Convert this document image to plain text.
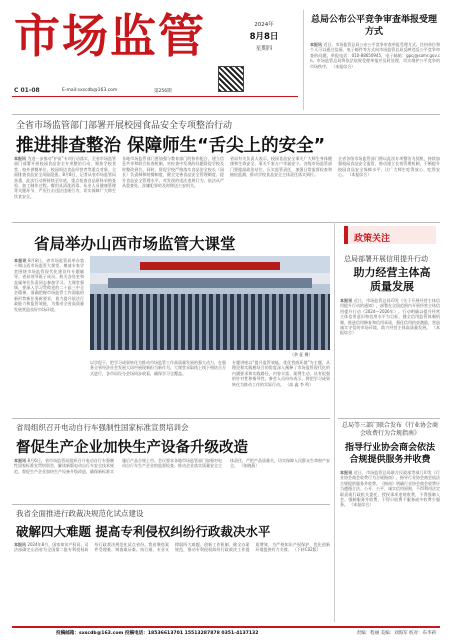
市场监管	2024年
8月8日
星期四
C 01-08	E-mail:sxscdb@163.com	第256期
总局公布公平竞争审查举报受理方式
本报讯 近日，市场监管总局公布公平竞争审查举报受理方式。任何单位和个人可以通过信函、电子邮件等方式向市场监管总局反映违反公平竞争审查的问题。举报电话：010-88650945，电子邮箱：gpcj@samr.gov.cn。市场监管总局将依法依规受理举报并及时处理，切实维护公平竞争的市场秩序。 （本报综合）
全省市场监管部门部署开展校园食品安全专项整治行动
推进排查整治 保障师生“舌尖上的安全”
本报讯 为进一步推动“护苗”专项行动落实，全省市场监管部门部署开展校园食品安全专项整治行动，聚焦学校食堂、校外供餐单位、校园周边食品经营者等重点对象，全面排查食品安全风险隐患。8月8日，记者从省市场监管局获悉，此次行动将持续至年底，重点检查食品原料采购查验、加工制作过程、餐用具清洗消毒、从业人员健康管理等关键环节，严厉打击违法违规行为，切实保障广大师生饮食安全。
各地市场监管部门要加强与教育部门的协作配合，建立信息共享和联合检查机制，对检查中发现的问题督促学校及时整改到位。同时，督促学校严格落实食品安全校长（园长）负责制和陪餐制度，健全完善食品安全管理制度，提升食品安全管理水平。对发现的违法违规行为，依法从严从重查处，涉嫌犯罪的及时移送公安机关。
省局有关负责人表示，校园食品安全事关广大师生身体健康和生命安全，事关千家万户幸福安宁。各级市场监管部门要提高政治站位，压实监管责任，加强日常监督检查和抽检监测，推动学校食品安全主体责任落实到位。
全省各级市场监管部门将以此次专项整治为契机，持续加强校园食品安全监管，推动建立长效管理机制，不断提升校园食品安全保障水平，让广大师生吃得放心、吃得安心。 （本报综合）
省局举办山西市场监管大课堂
本报讯 8月8日，省市场监管局举办第十期山西市场监管大课堂，邀请专家学者围绕市场监管现代化建设作专题辅导。省局领导班子成员、机关各处室和直属单位负责同志参加学习。大课堂强调，要深入学习贯彻党的二十届三中全会精神，准确把握市场监管工作面临的新形势新任务新要求，着力提升依法行政能力和监管效能，为推动全省高质量发展营造良好市场环境。
（余 征 摄）
专题讲座以“提升监管效能、优化营商环境”为主题，从理论和实践相结合的角度深入阐释了市场监管现代化的内涵要求和实践路径，内容丰富、案例生动，具有很强的针对性和指导性。参会人员纷纷表示，将把学习成果转化为推动工作的实际行动。 （高 鑫 李 鸣）
以学促干，把学习成果转化为推动市场监管工作高质量发展的强大动力，在服务全省经济社会发展大局中展现新担当新作为。大课堂采取线上线下相结合方式进行，各市局设分会场同步收看，确保学习全覆盖。
政策关注
总局部署开展信用提升行动
助力经营主体高质量发展
本报讯 近日，市场监管总局印发《关于开展经营主体信用提升行动的通知》，部署在全国范围内开展经营主体信用提升行动（2024—2026年）。行动明确以提升经营主体信用意识和信用水平为目标，健全信用监管体制机制，推进信用修复和信用承诺，强化信用约束激励，营造诚实守信的市场环境，助力经营主体高质量发展。 （本报综合）
省局组织召开电动自行车强制性国家标准宣贯培训会
督促生产企业加快生产设备升级改造
本报讯 8月6日，省市场监管局组织召开电动自行车强制性国家标准宣贯培训会，解读新版电动自行车安全技术规范，督促生产企业加快生产设备升级改造，确保新标准实施后产品合规上市。会议要求各地市场监管部门加强对电动自行车生产企业的监督检查，推动企业落实质量安全主体责任，严把产品质量关，切实保障人民群众生命财产安全。 （张晓燕）
我省全面推进行政裁决规范化试点建设
破解四大难题 提高专利侵权纠纷行政裁决水平
本报讯 2024年8月，国家知识产权局、司法部确定山西省为全国第二批专利侵权纠纷行政裁决规范化试点省份。我省聚焦案件受理难、调查取证难、执行难、专业支撑弱四大难题，创新工作机制，健全办案规范，推动专利侵权纠纷行政裁决工作提质增效，为严格知识产权保护、优化创新环境提供有力支撑。 （下转C02版）
总局等三部门联合发布《行业协会商会收费行为合规指南》
指导行业协会商会依法合规提供服务并收费
本报讯 近日，市场监管总局联合民政部等部门印发《行业协会商会收费行为合规指南》，指导行业协会商会依法合规提供服务并收费。《指南》明确行业协会商会收费应当遵循合法、公开、公平、诚实信用原则，不得利用法定职责或行政机关委托、授权事项违规收费，不得强制入会、强制服务并收费，不得只收费不服务或多收费少服务。 （本报综合）
投稿邮箱：sxscdb@163.com 投稿电话：18536613701 15513287878 0351-4137132	责编：程丽 美编：刘海军 校对：布李莉
